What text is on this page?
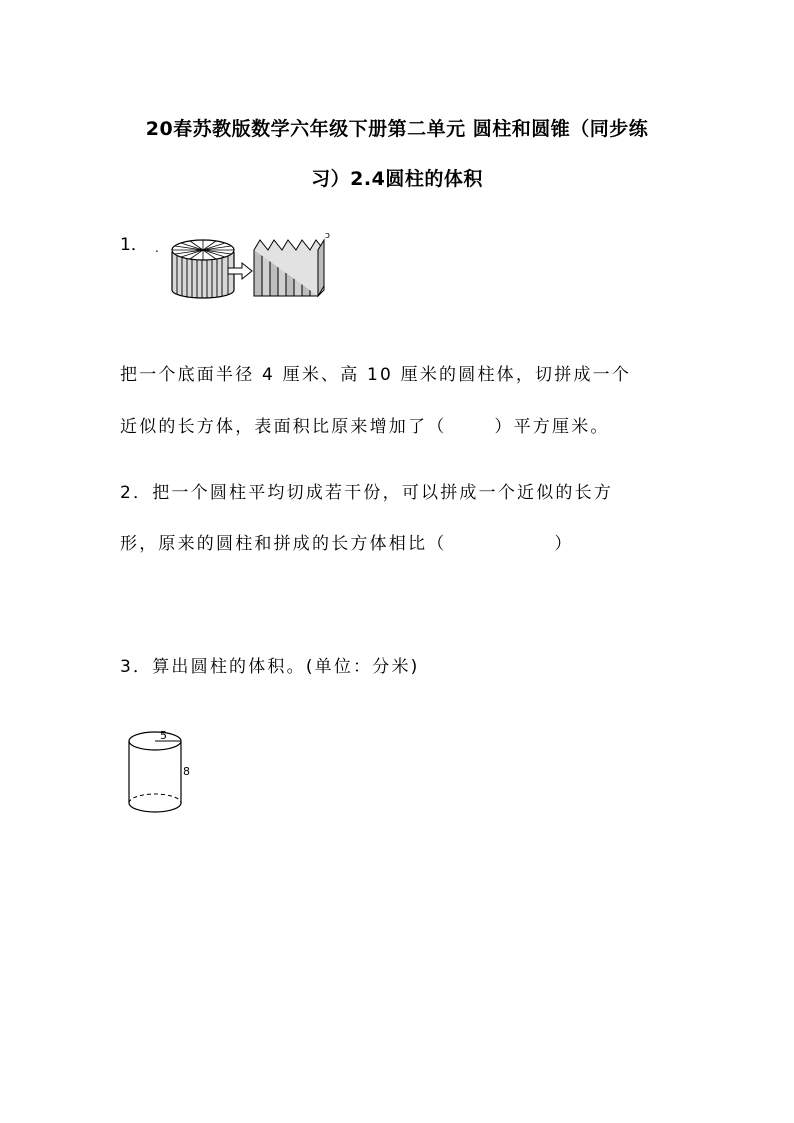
20春苏教版数学六年级下册第二单元 圆柱和圆锥（同步练
习）2.4圆柱的体积
1． .
ɔ
把一个底面半径 4 厘米、高 10 厘米的圆柱体，切拼成一个
近似的长方体，表面积比原来增加了（	）平方厘米。
2．把一个圆柱平均切成若干份，可以拼成一个近似的长方
形，原来的圆柱和拼成的长方体相比（	）
3．算出圆柱的体积。(单位：分米)
5
8
